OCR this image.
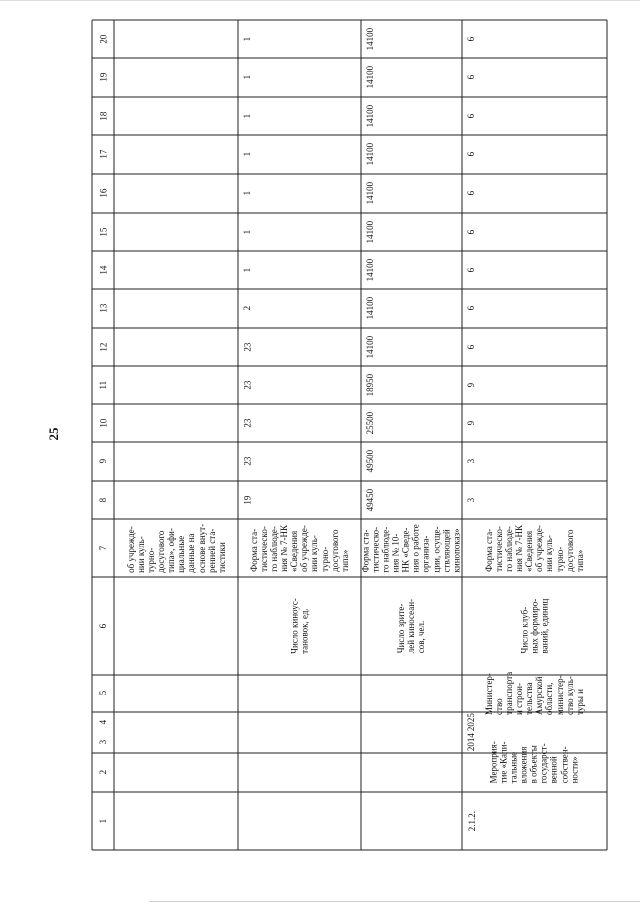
25
1
2
3
4
5
6
7
8
9
10
11
12
13
14
15
16
17
18
19
20
об учрежде-
нии куль-
турно-
досугового
типа», офи-
циальные
данные на
основе внут-
ренней ста-
тистики
Число киноус-
тановок, ед.
Форма ста-
тистическо-
го наблюде-
ния № 7-НК
«Сведения
об учрежде-
нии куль-
турно-
досугового
типа»
19
23
23
23
23
2
1
1
1
1
1
1
1
Число зрите-
лей киносеан-
сов, чел.
Форма ста-
тистическо-
го наблюде-
ния № 10-
НК «Сведе-
ния о работе
организа-
ции, осуще-
ствляющей
кинопоказ»
49450
49500
25500
18950
14100
14100
14100
14100
14100
14100
14100
14100
14100
2.1.2.
Мероприя-
тие «Капи-
тальные
вложения
в объекты
государст-
венной
собствен-
ности»
2014
2025
Министер-
ство
транспорта
и строи-
тельства
Амурской
области,
министер-
ство куль-
туры и
Число клуб-
ных формиро-
ваний, единиц
Форма ста-
тистическо-
го наблюде-
ния № 7-НК
«Сведения
об учрежде-
нии куль-
турно-
досугового
типа»
3
3
9
9
6
6
6
6
6
6
6
6
6
